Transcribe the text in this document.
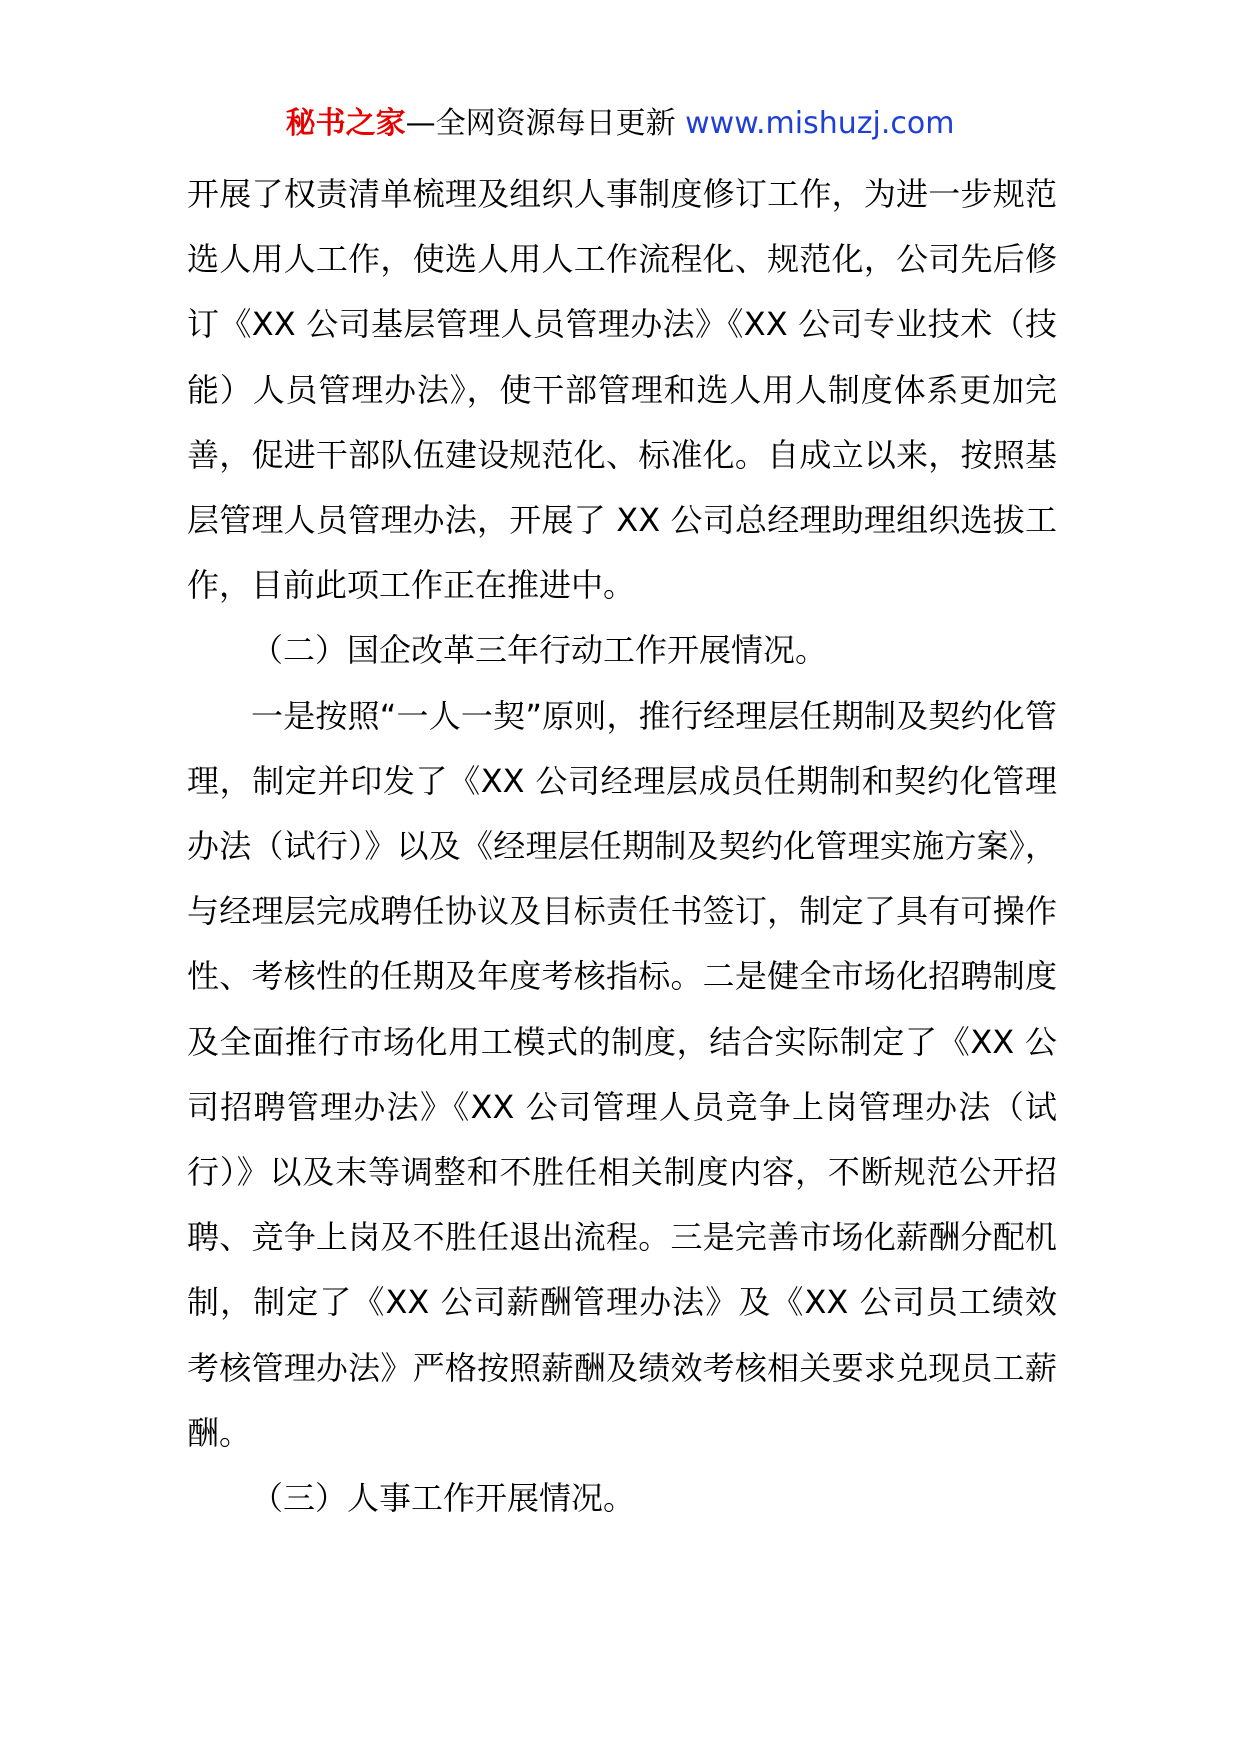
秘书之家—全网资源每日更新 www.mishuzj.com

开展了权责清单梳理及组织人事制度修订工作，为进一步规范选人用人工作，使选人用人工作流程化、规范化，公司先后修订《XX 公司基层管理人员管理办法》《XX 公司专业技术（技能）人员管理办法》，使干部管理和选人用人制度体系更加完善，促进干部队伍建设规范化、标准化。自成立以来，按照基层管理人员管理办法，开展了 XX 公司总经理助理组织选拔工作，目前此项工作正在推进中。

（二）国企改革三年行动工作开展情况。

一是按照“一人一契”原则，推行经理层任期制及契约化管理，制定并印发了《XX 公司经理层成员任期制和契约化管理办法（试行）》以及《经理层任期制及契约化管理实施方案》，与经理层完成聘任协议及目标责任书签订，制定了具有可操作性、考核性的任期及年度考核指标。二是健全市场化招聘制度及全面推行市场化用工模式的制度，结合实际制定了《XX 公司招聘管理办法》《XX 公司管理人员竞争上岗管理办法（试行）》以及末等调整和不胜任相关制度内容，不断规范公开招聘、竞争上岗及不胜任退出流程。三是完善市场化薪酬分配机制，制定了《XX 公司薪酬管理办法》及《XX 公司员工绩效考核管理办法》严格按照薪酬及绩效考核相关要求兑现员工薪酬。

（三）人事工作开展情况。
